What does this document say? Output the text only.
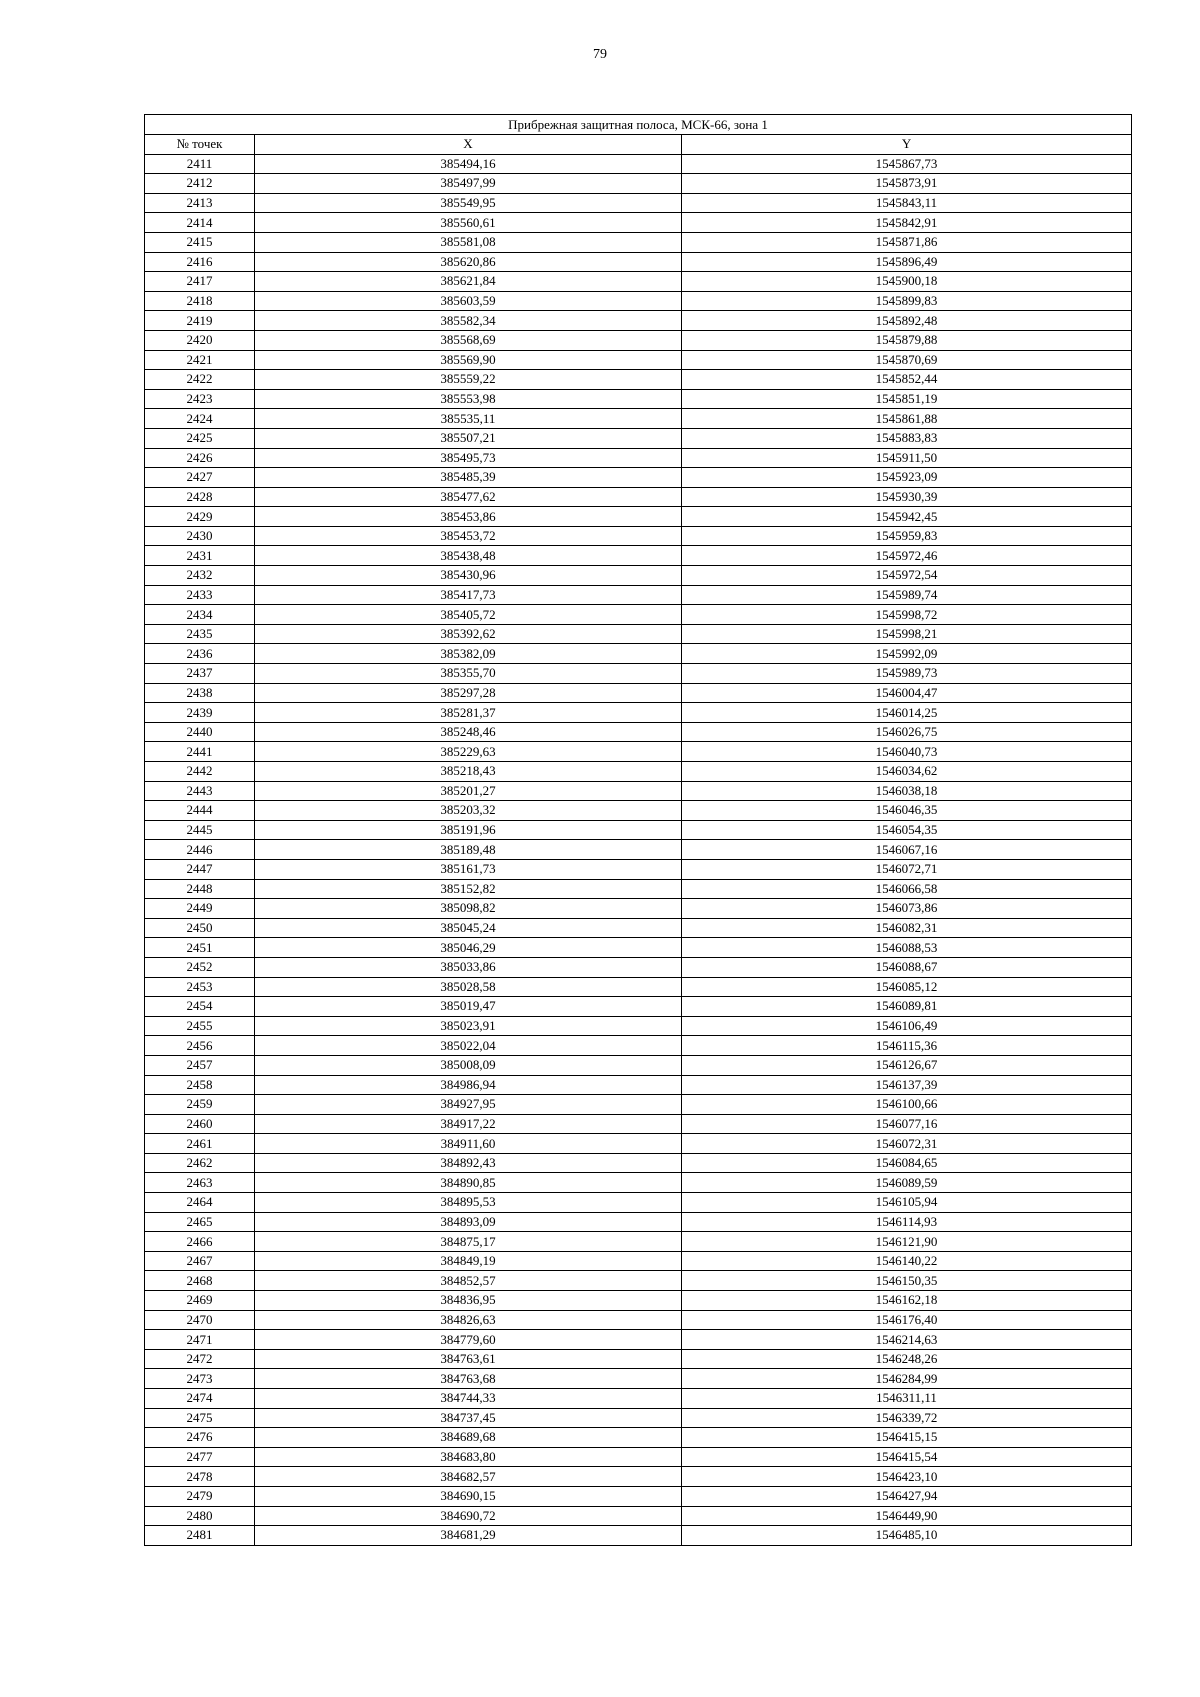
79
Прибрежная защитная полоса, МСК-66, зона 1		
№ точек	X	Y
2411	385494,16	1545867,73
2412	385497,99	1545873,91
2413	385549,95	1545843,11
2414	385560,61	1545842,91
2415	385581,08	1545871,86
2416	385620,86	1545896,49
2417	385621,84	1545900,18
2418	385603,59	1545899,83
2419	385582,34	1545892,48
2420	385568,69	1545879,88
2421	385569,90	1545870,69
2422	385559,22	1545852,44
2423	385553,98	1545851,19
2424	385535,11	1545861,88
2425	385507,21	1545883,83
2426	385495,73	1545911,50
2427	385485,39	1545923,09
2428	385477,62	1545930,39
2429	385453,86	1545942,45
2430	385453,72	1545959,83
2431	385438,48	1545972,46
2432	385430,96	1545972,54
2433	385417,73	1545989,74
2434	385405,72	1545998,72
2435	385392,62	1545998,21
2436	385382,09	1545992,09
2437	385355,70	1545989,73
2438	385297,28	1546004,47
2439	385281,37	1546014,25
2440	385248,46	1546026,75
2441	385229,63	1546040,73
2442	385218,43	1546034,62
2443	385201,27	1546038,18
2444	385203,32	1546046,35
2445	385191,96	1546054,35
2446	385189,48	1546067,16
2447	385161,73	1546072,71
2448	385152,82	1546066,58
2449	385098,82	1546073,86
2450	385045,24	1546082,31
2451	385046,29	1546088,53
2452	385033,86	1546088,67
2453	385028,58	1546085,12
2454	385019,47	1546089,81
2455	385023,91	1546106,49
2456	385022,04	1546115,36
2457	385008,09	1546126,67
2458	384986,94	1546137,39
2459	384927,95	1546100,66
2460	384917,22	1546077,16
2461	384911,60	1546072,31
2462	384892,43	1546084,65
2463	384890,85	1546089,59
2464	384895,53	1546105,94
2465	384893,09	1546114,93
2466	384875,17	1546121,90
2467	384849,19	1546140,22
2468	384852,57	1546150,35
2469	384836,95	1546162,18
2470	384826,63	1546176,40
2471	384779,60	1546214,63
2472	384763,61	1546248,26
2473	384763,68	1546284,99
2474	384744,33	1546311,11
2475	384737,45	1546339,72
2476	384689,68	1546415,15
2477	384683,80	1546415,54
2478	384682,57	1546423,10
2479	384690,15	1546427,94
2480	384690,72	1546449,90
2481	384681,29	1546485,10
